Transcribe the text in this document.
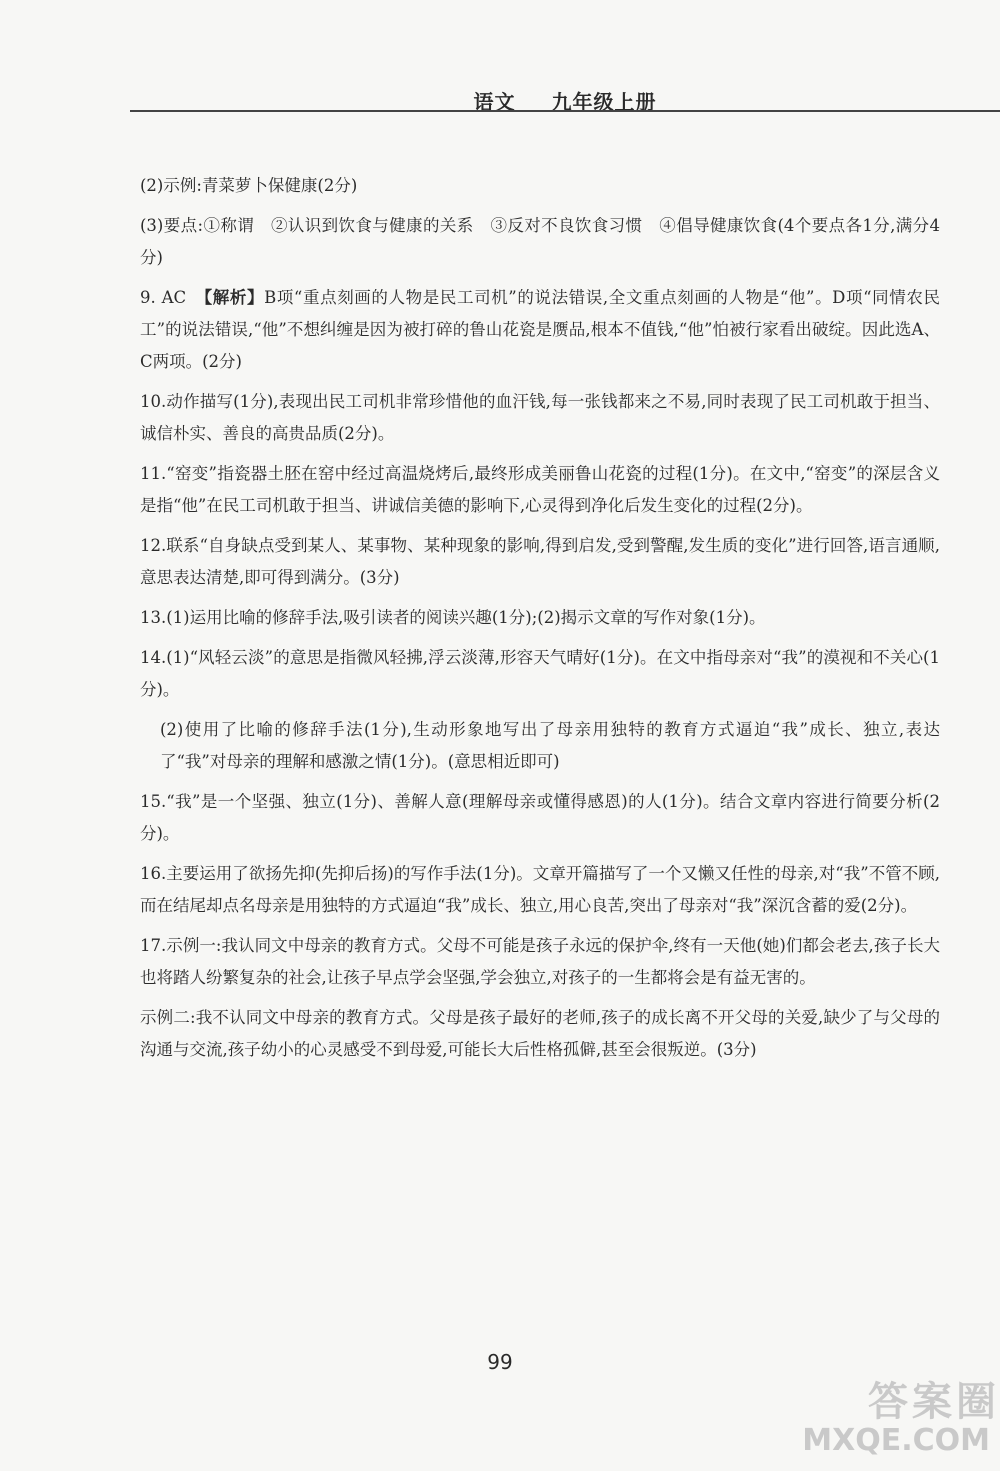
语文 九年级上册

(2)示例:青菜萝卜保健康(2分)

(3)要点:①称谓　②认识到饮食与健康的关系　③反对不良饮食习惯　④倡导健康饮食(4个要点各1分,满分4分)

9. AC　 【解析】B项“重点刻画的人物是民工司机”的说法错误,全文重点刻画的人物是“他”。D项“同情农民工”的说法错误,“他”不想纠缠是因为被打碎的鲁山花瓷是赝品,根本不值钱,“他”怕被行家看出破绽。因此选A、C两项。(2分)

10.动作描写(1分),表现出民工司机非常珍惜他的血汗钱,每一张钱都来之不易,同时表现了民工司机敢于担当、诚信朴实、善良的高贵品质(2分)。

11.“窑变”指瓷器土胚在窑中经过高温烧烤后,最终形成美丽鲁山花瓷的过程(1分)。在文中,“窑变”的深层含义是指“他”在民工司机敢于担当、讲诚信美德的影响下,心灵得到净化后发生变化的过程(2分)。

12.联系“自身缺点受到某人、某事物、某种现象的影响,得到启发,受到警醒,发生质的变化”进行回答,语言通顺,意思表达清楚,即可得到满分。(3分)

13.(1)运用比喻的修辞手法,吸引读者的阅读兴趣(1分);(2)揭示文章的写作对象(1分)。

14.(1)“风轻云淡”的意思是指微风轻拂,浮云淡薄,形容天气晴好(1分)。在文中指母亲对“我”的漠视和不关心(1分)。

(2)使用了比喻的修辞手法(1分),生动形象地写出了母亲用独特的教育方式逼迫“我”成长、独立,表达了“我”对母亲的理解和感激之情(1分)。(意思相近即可)

15.“我”是一个坚强、独立(1分)、善解人意(理解母亲或懂得感恩)的人(1分)。结合文章内容进行简要分析(2分)。

16.主要运用了欲扬先抑(先抑后扬)的写作手法(1分)。文章开篇描写了一个又懒又任性的母亲,对“我”不管不顾,而在结尾却点名母亲是用独特的方式逼迫“我”成长、独立,用心良苦,突出了母亲对“我”深沉含蓄的爱(2分)。

17.示例一:我认同文中母亲的教育方式。父母不可能是孩子永远的保护伞,终有一天他(她)们都会老去,孩子长大也将踏人纷繁复杂的社会,让孩子早点学会坚强,学会独立,对孩子的一生都将会是有益无害的。

示例二:我不认同文中母亲的教育方式。父母是孩子最好的老师,孩子的成长离不开父母的关爱,缺少了与父母的沟通与交流,孩子幼小的心灵感受不到母爱,可能长大后性格孤僻,甚至会很叛逆。(3分)

99
答案圈
MXQE.COM
